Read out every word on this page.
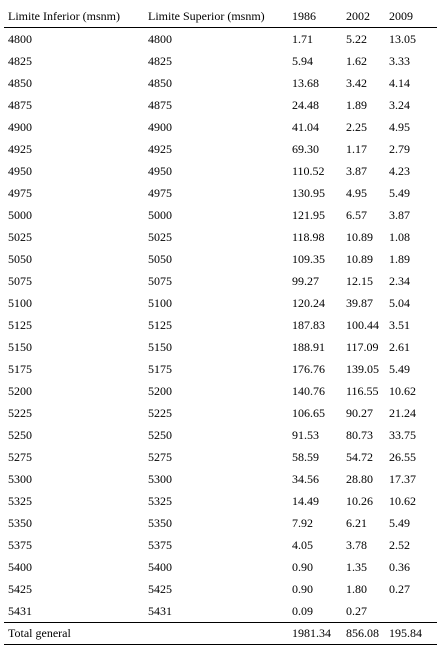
Limite Inferior (msnm)	Limite Superior (msnm)	1986	2002	2009
4800	4800	1.71	5.22	13.05
4825	4825	5.94	1.62	3.33
4850	4850	13.68	3.42	4.14
4875	4875	24.48	1.89	3.24
4900	4900	41.04	2.25	4.95
4925	4925	69.30	1.17	2.79
4950	4950	110.52	3.87	4.23
4975	4975	130.95	4.95	5.49
5000	5000	121.95	6.57	3.87
5025	5025	118.98	10.89	1.08
5050	5050	109.35	10.89	1.89
5075	5075	99.27	12.15	2.34
5100	5100	120.24	39.87	5.04
5125	5125	187.83	100.44	3.51
5150	5150	188.91	117.09	2.61
5175	5175	176.76	139.05	5.49
5200	5200	140.76	116.55	10.62
5225	5225	106.65	90.27	21.24
5250	5250	91.53	80.73	33.75
5275	5275	58.59	54.72	26.55
5300	5300	34.56	28.80	17.37
5325	5325	14.49	10.26	10.62
5350	5350	7.92	6.21	5.49
5375	5375	4.05	3.78	2.52
5400	5400	0.90	1.35	0.36
5425	5425	0.90	1.80	0.27
5431	5431	0.09	0.27	
Total general		1981.34	856.08	195.84
